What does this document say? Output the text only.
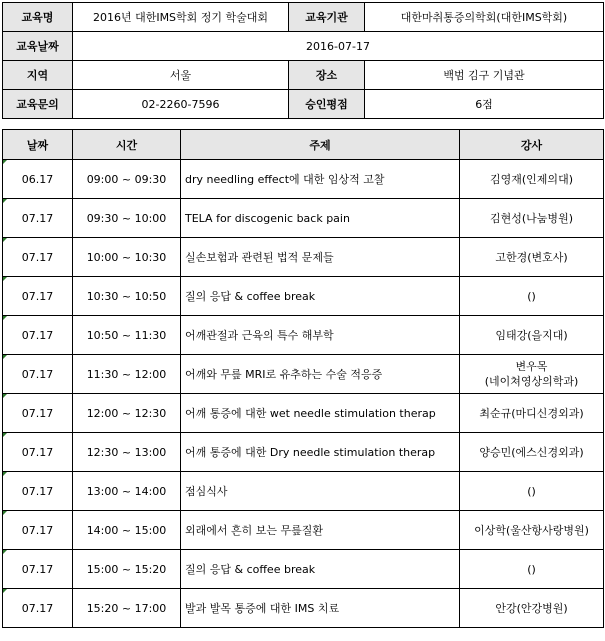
교육명	2016년 대한IMS학회 정기 학술대회	교육기관	대한마취통증의학회(대한IMS학회)
교육날짜	2016-07-17		
지역	서울	장소	백범 김구 기념관
교육문의	02-2260-7596	승인평점	6점
날짜	시간	주제	강사

06.17	09:00 ~ 09:30	dry needling effect에 대한 임상적 고찰	김영재(인제의대)

07.17	09:30 ~ 10:00	TELA for discogenic back pain	김현성(나눔병원)

07.17	10:00 ~ 10:30	실손보험과 관련된 법적 문제들	고한경(변호사)

07.17	10:30 ~ 10:50	질의 응답 & coffee break	()

07.17	10:50 ~ 11:30	어깨관절과 근육의 특수 해부학	임태강(을지대)

07.17	11:30 ~ 12:00	어깨와 무릎 MRI로 유추하는 수술 적응증	변우목
(네이쳐영상의학과)

07.17	12:00 ~ 12:30	어깨 통증에 대한 wet needle stimulation therap	최순규(마디신경외과)

07.17	12:30 ~ 13:00	어깨 통증에 대한 Dry needle stimulation therap	양승민(에스신경외과)

07.17	13:00 ~ 14:00	점심식사	()

07.17	14:00 ~ 15:00	외래에서 흔히 보는 무릎질환	이상학(울산항사랑병원)

07.17	15:00 ~ 15:20	질의 응답 & coffee break	()

07.17	15:20 ~ 17:00	발과 발목 통증에 대한 IMS 치료	안강(안강병원)
